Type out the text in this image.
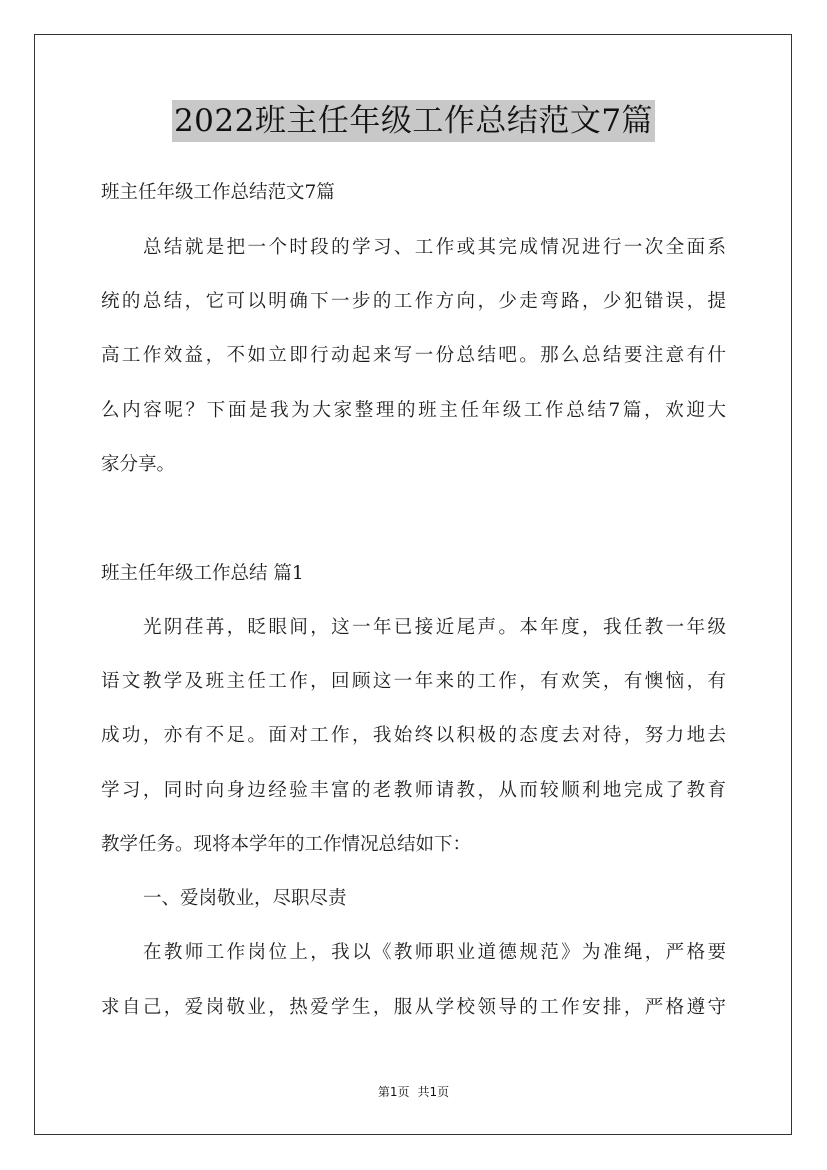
2022班主任年级工作总结范文7篇
班主任年级工作总结范文7篇
总结就是把一个时段的学习、工作或其完成情况进行一次全面系
统的总结，它可以明确下一步的工作方向，少走弯路，少犯错误，提
高工作效益，不如立即行动起来写一份总结吧。那么总结要注意有什
么内容呢？下面是我为大家整理的班主任年级工作总结7篇，欢迎大
家分享。
班主任年级工作总结 篇1
光阴荏苒，眨眼间，这一年已接近尾声。本年度，我任教一年级
语文教学及班主任工作，回顾这一年来的工作，有欢笑，有懊恼，有
成功，亦有不足。面对工作，我始终以积极的态度去对待，努力地去
学习，同时向身边经验丰富的老教师请教，从而较顺利地完成了教育
教学任务。现将本学年的工作情况总结如下：
一、爱岗敬业，尽职尽责
在教师工作岗位上，我以《教师职业道德规范》为准绳，严格要
求自己，爱岗敬业，热爱学生，服从学校领导的工作安排，严格遵守
第1页 共1页
